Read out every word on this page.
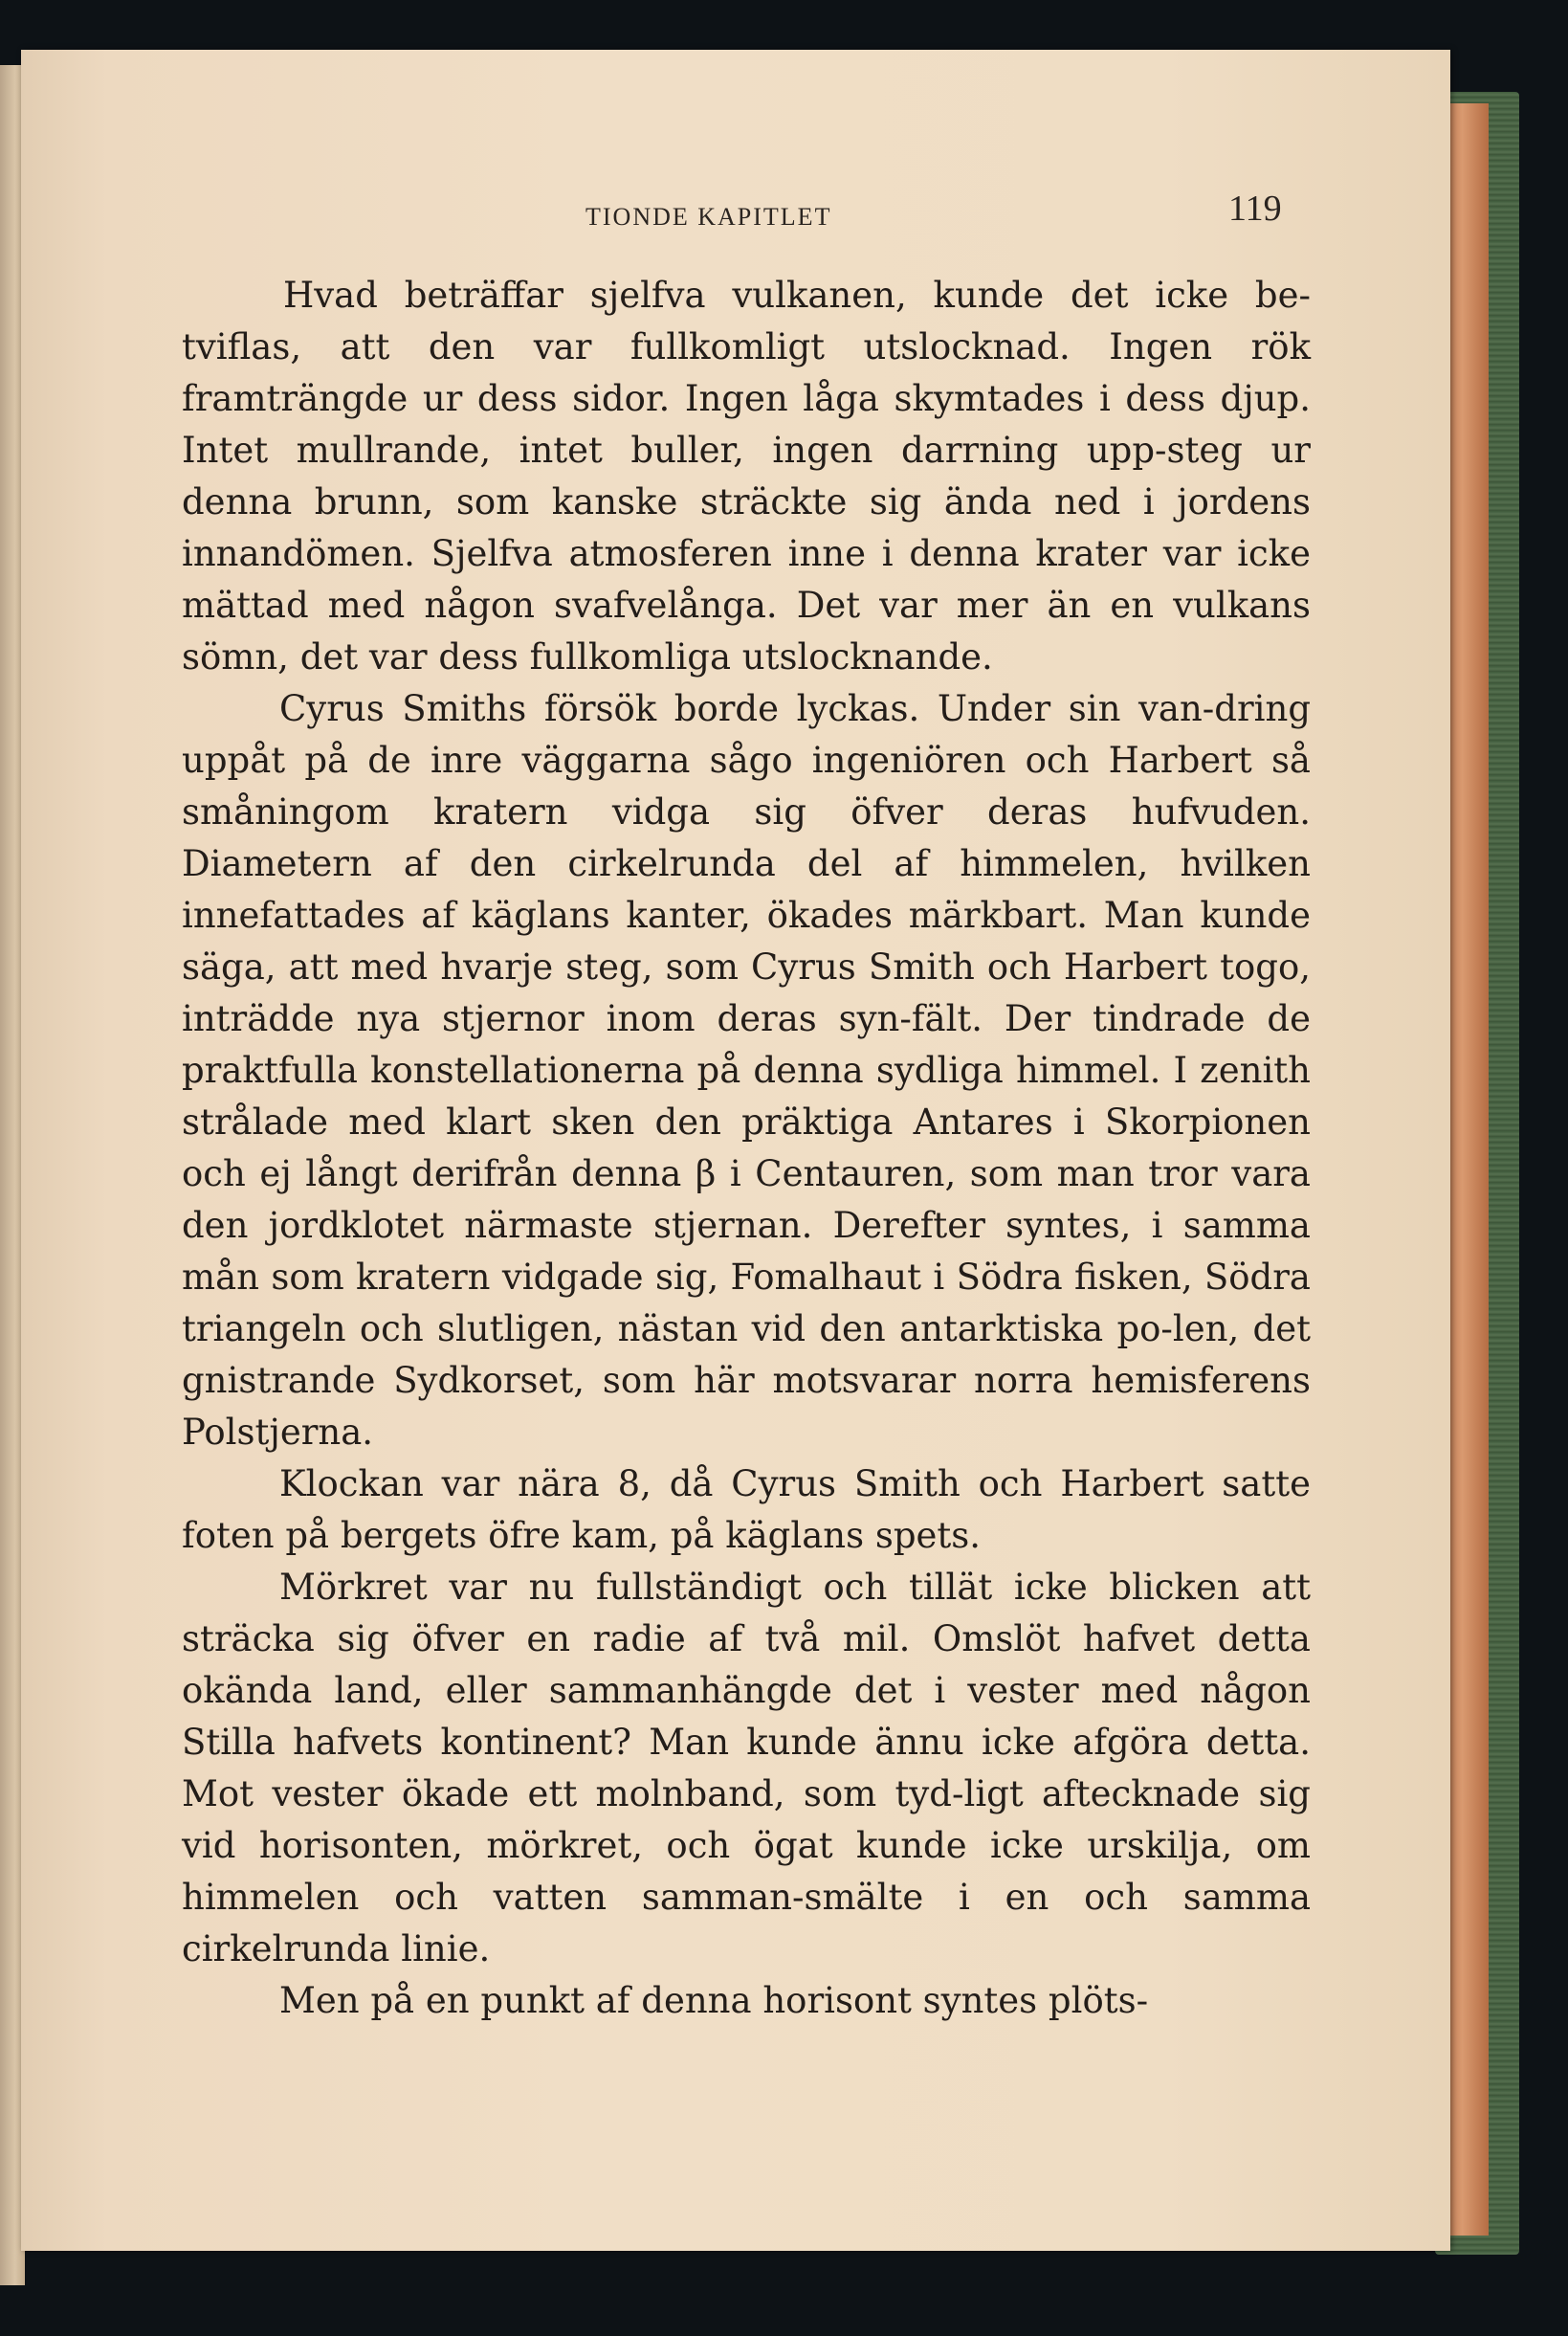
TIONDE KAPITLET	119

Hvad beträffar sjelfva vulkanen, kunde det icke be-tviflas, att den var fullkomligt utslocknad. Ingen rök framträngde ur dess sidor. Ingen låga skymtades i dess djup. Intet mullrande, intet buller, ingen darrning upp-steg ur denna brunn, som kanske sträckte sig ända ned i jordens innandömen. Sjelfva atmosferen inne i denna krater var icke mättad med någon svafvelånga. Det var mer än en vulkans sömn, det var dess fullkomliga utslocknande.

Cyrus Smiths försök borde lyckas. Under sin van-dring uppåt på de inre väggarna sågo ingeniören och Harbert så småningom kratern vidga sig öfver deras hufvuden. Diametern af den cirkelrunda del af himmelen, hvilken innefattades af käglans kanter, ökades märkbart. Man kunde säga, att med hvarje steg, som Cyrus Smith och Harbert togo, inträdde nya stjernor inom deras syn-fält. Der tindrade de praktfulla konstellationerna på denna sydliga himmel. I zenith strålade med klart sken den präktiga Antares i Skorpionen och ej långt derifrån denna β i Centauren, som man tror vara den jordklotet närmaste stjernan. Derefter syntes, i samma mån som kratern vidgade sig, Fomalhaut i Södra fisken, Södra triangeln och slutligen, nästan vid den antarktiska po-len, det gnistrande Sydkorset, som här motsvarar norra hemisferens Polstjerna.

Klockan var nära 8, då Cyrus Smith och Harbert satte foten på bergets öfre kam, på käglans spets.

Mörkret var nu fullständigt och tillät icke blicken att sträcka sig öfver en radie af två mil. Omslöt hafvet detta okända land, eller sammanhängde det i vester med någon Stilla hafvets kontinent? Man kunde ännu icke afgöra detta. Mot vester ökade ett molnband, som tyd-ligt aftecknade sig vid horisonten, mörkret, och ögat kunde icke urskilja, om himmelen och vatten samman-smälte i en och samma cirkelrunda linie.

Men på en punkt af denna horisont syntes plöts-
